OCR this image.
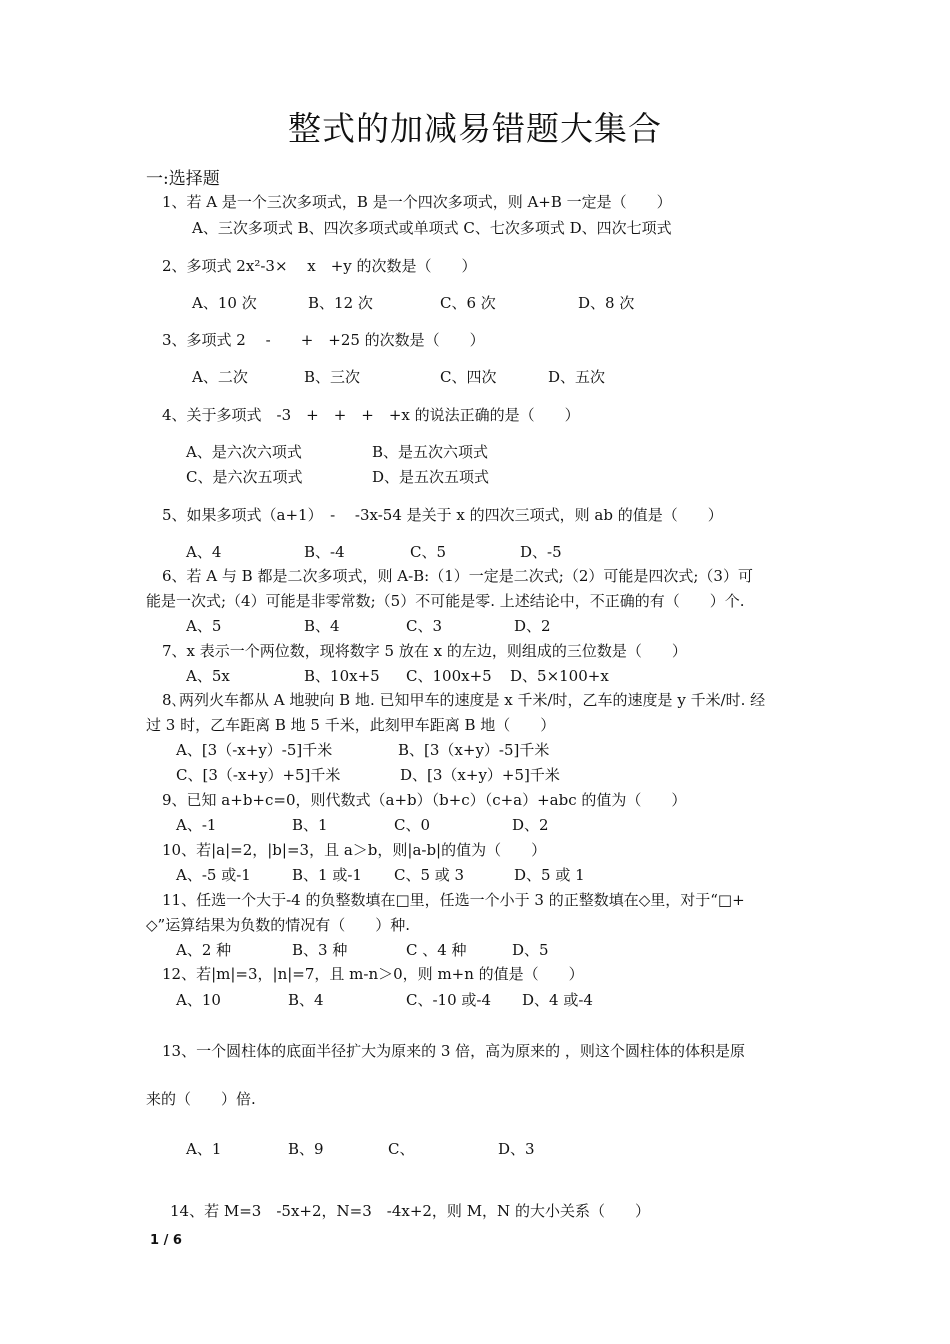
整式的加减易错题大集合
一:选择题
1、若 A 是一个三次多项式，B 是一个四次多项式，则 A+B 一定是（　　）
A、三次多项式 B、四次多项式或单项式 C、七次多项式 D、四次七项式
2、多项式 2x²-3×　 x　+y 的次数是（　　）
A、10 次	B、12 次	C、6 次	D、8 次
3、多项式 2　 -　　+　+25 的次数是（　　）
A、二次	B、三次	C、四次	D、五次
4、关于多项式　-3　+　+　+　+x 的说法正确的是（　　）
A、是六次六项式	B、是五次六项式
C、是六次五项式	D、是五次五项式
5、如果多项式（a+1）　-　 -3x-54 是关于 x 的四次三项式，则 ab 的值是（　　）
A、4	B、-4	C、5	D、-5
6、若 A 与 B 都是二次多项式，则 A-B:（1）一定是二次式;（2）可能是四次式;（3）可
能是一次式;（4）可能是非零常数;（5）不可能是零. 上述结论中，不正确的有（　　）个.
A、5	B、4	C、3	D、2
7、x 表示一个两位数，现将数字 5 放在 x 的左边，则组成的三位数是（　　）
A、5x	B、10x+5 C、100x+5 D、5×100+x
8､两列火车都从 A 地驶向 B 地. 已知甲车的速度是 x 千米/时，乙车的速度是 y 千米/时. 经
过 3 时，乙车距离 B 地 5 千米，此刻甲车距离 B 地（　　）
A、[3（-x+y）-5]千米	B、[3（x+y）-5]千米
C、[3（-x+y）+5]千米	D、[3（x+y）+5]千米
9、已知 a+b+c=0，则代数式（a+b）（b+c）（c+a）+abc 的值为（　　）
A、-1	B、1	C、0	D、2
10、若|a|=2，|b|=3，且 a＞b，则|a-b|的值为（　　）
A、-5 或-1	B、1 或-1 C、5 或 3	D、5 或 1
11、任选一个大于-4 的负整数填在□里，任选一个小于 3 的正整数填在◇里，对于“□+
◇”运算结果为负数的情况有（　　）种.
A、2 种	B、3 种	C 、4 种	D、5
12、若|m|=3，|n|=7，且 m-n＞0，则 m+n 的值是（　　）
A、10	B、4	C、-10 或-4 D、4 或-4
13、一个圆柱体的底面半径扩大为原来的 3 倍，高为原来的 ，则这个圆柱体的体积是原
来的（　　）倍.
A、1	B、9	C、	D、3
14、若 M=3　-5x+2，N=3　-4x+2，则 M，N 的大小关系（　　）
1 / 6
